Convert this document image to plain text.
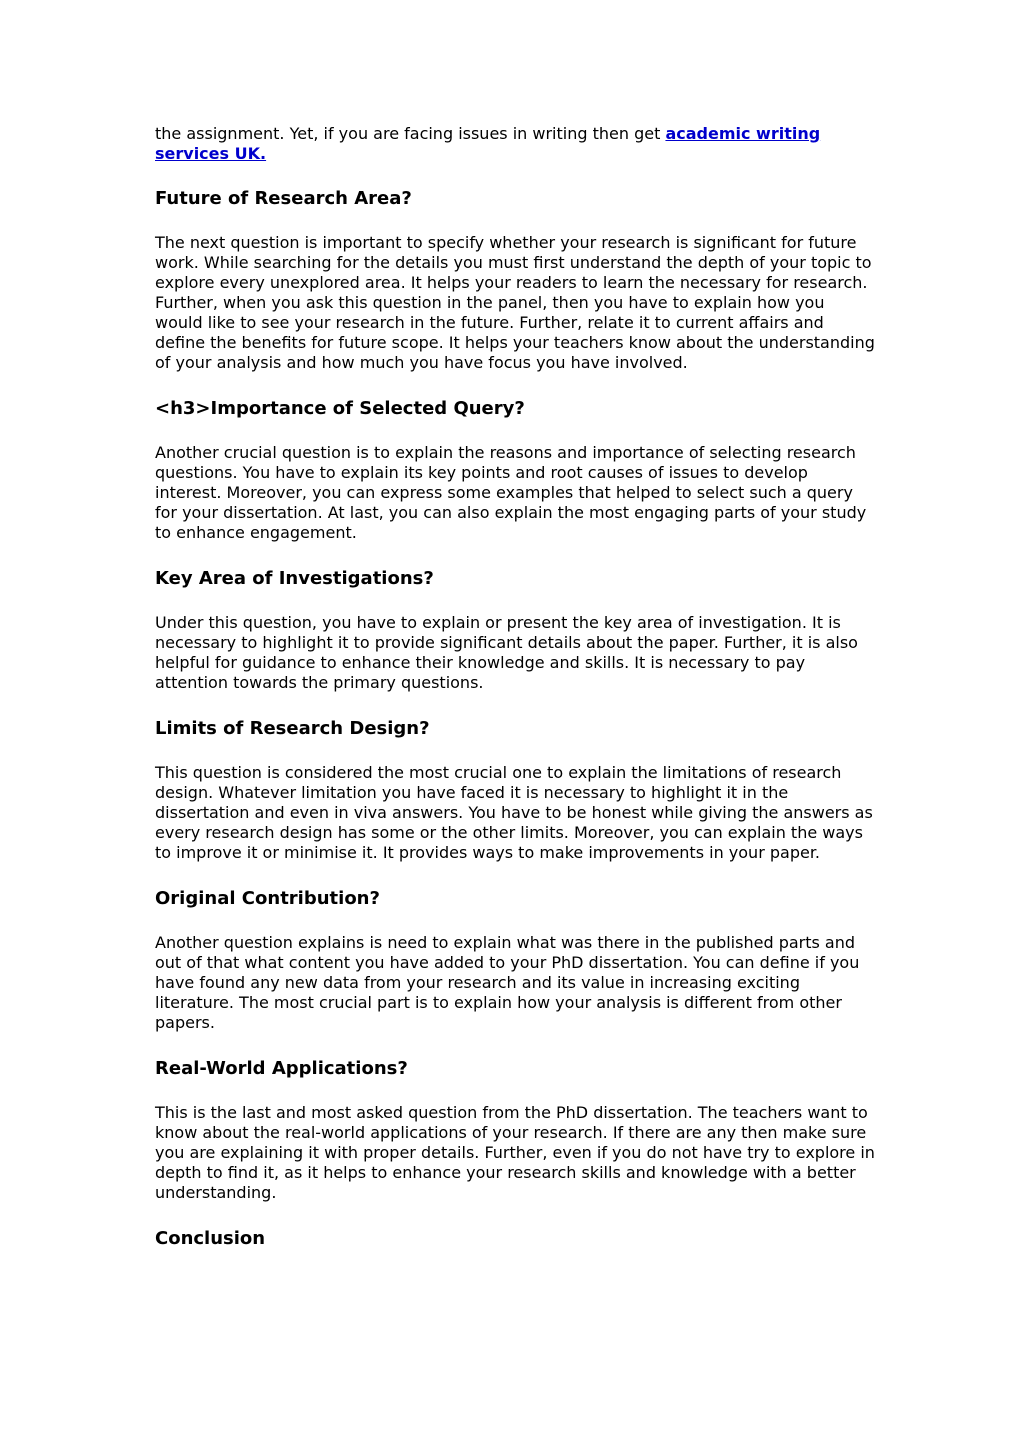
the assignment. Yet, if you are facing issues in writing then get academic writing services UK.

Future of Research Area?

The next question is important to specify whether your research is significant for future work. While searching for the details you must first understand the depth of your topic to explore every unexplored area. It helps your readers to learn the necessary for research. Further, when you ask this question in the panel, then you have to explain how you would like to see your research in the future. Further, relate it to current affairs and define the benefits for future scope. It helps your teachers know about the understanding of your analysis and how much you have focus you have involved.

<h3>Importance of Selected Query?

Another crucial question is to explain the reasons and importance of selecting research questions. You have to explain its key points and root causes of issues to develop interest. Moreover, you can express some examples that helped to select such a query for your dissertation. At last, you can also explain the most engaging parts of your study to enhance engagement.

Key Area of Investigations?

Under this question, you have to explain or present the key area of investigation. It is necessary to highlight it to provide significant details about the paper. Further, it is also helpful for guidance to enhance their knowledge and skills. It is necessary to pay attention towards the primary questions.

Limits of Research Design?

This question is considered the most crucial one to explain the limitations of research design. Whatever limitation you have faced it is necessary to highlight it in the dissertation and even in viva answers. You have to be honest while giving the answers as every research design has some or the other limits. Moreover, you can explain the ways to improve it or minimise it. It provides ways to make improvements in your paper.

Original Contribution?

Another question explains is need to explain what was there in the published parts and out of that what content you have added to your PhD dissertation. You can define if you have found any new data from your research and its value in increasing exciting literature. The most crucial part is to explain how your analysis is different from other papers.

Real-World Applications?

This is the last and most asked question from the PhD dissertation. The teachers want to know about the real-world applications of your research. If there are any then make sure you are explaining it with proper details. Further, even if you do not have try to explore in depth to find it, as it helps to enhance your research skills and knowledge with a better understanding.

Conclusion
